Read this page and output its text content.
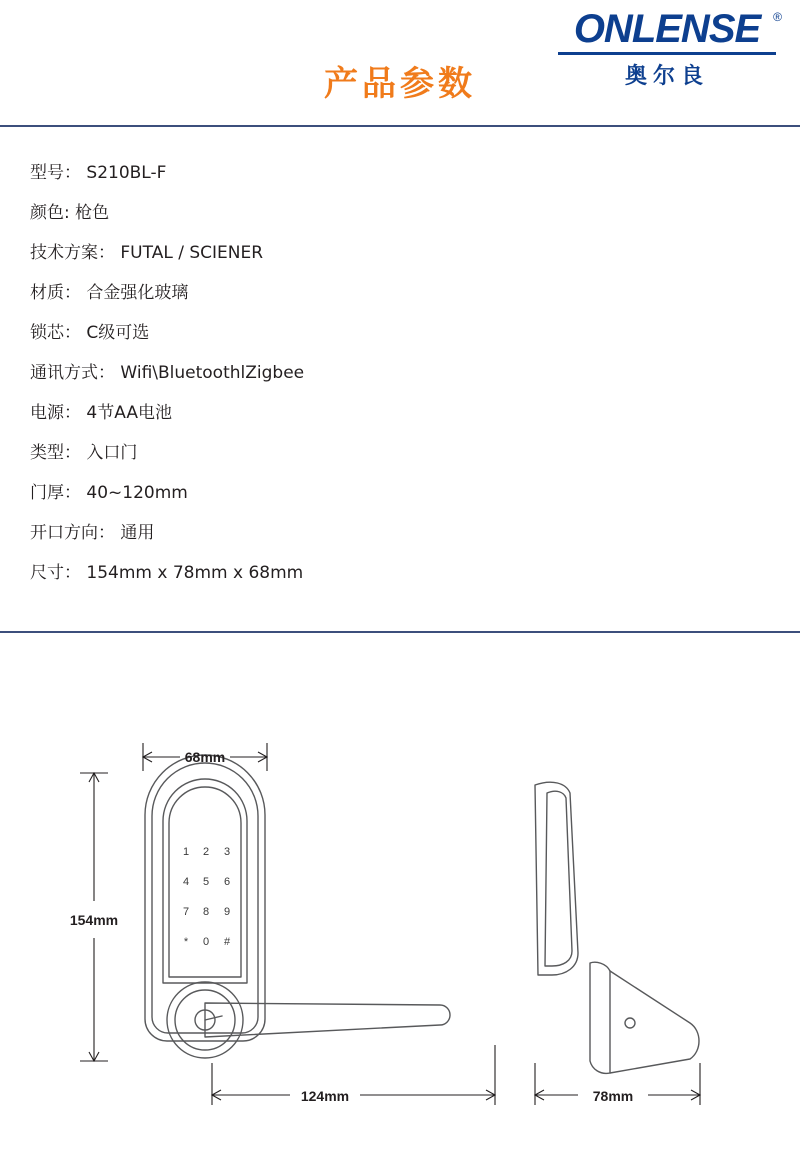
产品参数
ONLENSE	®
奥尔良
型号： S210BL-F
颜色: 枪色
技术方案： FUTAL / SCIENER
材质： 合金强化玻璃
锁芯： C级可选
通讯方式： Wifi\BluetoothlZigbee
电源： 4节AA电池
类型： 入口门
门厚： 40~120mm
开口方向： 通用
尺寸： 154mm x 78mm x 68mm
68mm
154mm
124mm	78mm
1 2 3
4 5 6
7 8 9
* 0 #
